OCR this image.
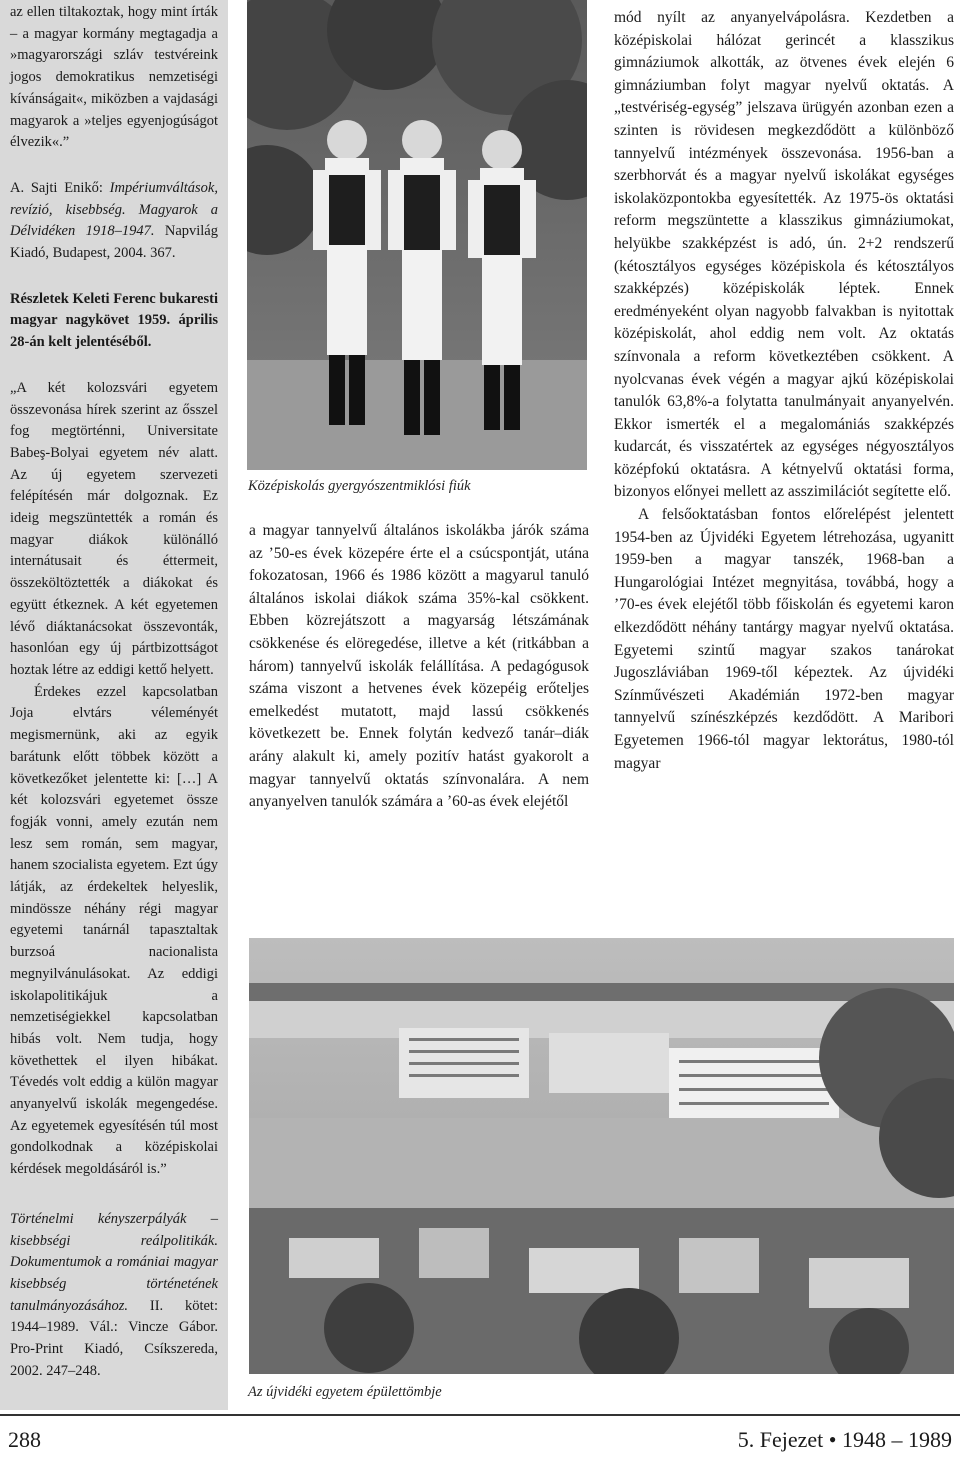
az ellen tiltakoztak, hogy mint írták – a magyar kormány megtagadja a »magyarországi szláv testvéreink jogos demokratikus nemzetiségi kívánságait«, miközben a vajdasági magyarok a »teljes egyenjogúságot élvezik«.”

A. Sajti Enikő: Impériumváltások, revízió, kisebbség. Magyarok a Délvidéken 1918–1947. Napvilág Kiadó, Budapest, 2004. 367.

Részletek Keleti Ferenc bukaresti magyar nagykövet 1959. április 28-án kelt jelentéséből.

„A két kolozsvári egyetem összevonása hírek szerint az ősszel fog megtörténni, Universitate Babeş-Bolyai egyetem név alatt. Az új egyetem szervezeti felépítésén már dolgoznak. Ez ideig megszüntették a román és magyar diákok különálló internátusait és éttermeit, összeköltöztették a diákokat és együtt étkeznek. A két egyetemen lévő diáktanácsokat összevonták, hasonlóan egy új pártbizottságot hoztak létre az eddigi kettő helyett.

Érdekes ezzel kapcsolatban Joja elvtárs véleményét megismernünk, aki az egyik barátunk előtt többek között a következőket jelentette ki: […] A két kolozsvári egyetemet össze fogják vonni, amely ezután nem lesz sem román, sem magyar, hanem szocialista egyetem. Ezt úgy látják, az érdekeltek helyeslik, mindössze néhány régi magyar egyetemi tanárnál tapasztaltak burzsoá nacionalista megnyilvánulásokat. Az eddigi iskolapolitikájuk a nemzetiségiekkel kapcsolatban hibás volt. Nem tudja, hogy követhettek el ilyen hibákat. Tévedés volt eddig a külön magyar anyanyelvű iskolák megengedése. Az egyetemek egyesítésén túl most gondolkodnak a középiskolai kérdések megoldásáról is.”

Történelmi kényszerpályák – kisebbségi reálpolitikák. Dokumentumok a romániai magyar kisebbség történetének tanulmányozásához. II. kötet: 1944–1989. Vál.: Vincze Gábor. Pro-Print Kiadó, Csíkszereda, 2002. 247–248.

Középiskolás gyergyószentmiklósi fiúk

a magyar tannyelvű általános iskolákba járók száma az ’50-es évek közepére érte el a csúcspontját, utána fokozatosan, 1966 és 1986 között a magyarul tanuló általános iskolai diákok száma 35%-kal csökkent. Ebben közrejátszott a magyarság létszámának csökkenése és elöregedése, illetve a két (ritkábban a három) tannyelvű iskolák felállítása. A pedagógusok száma viszont a hetvenes évek közepéig erőteljes emelkedést mutatott, majd lassú csökkenés következett be. Ennek folytán kedvező tanár–diák arány alakult ki, amely pozitív hatást gyakorolt a magyar tannyelvű oktatás színvonalára. A nem anyanyelven tanulók számára a ’60-as évek elejétől

mód nyílt az anyanyelvápolásra. Kezdetben a középiskolai hálózat gerincét a klasszikus gimnáziumok alkották, az ötvenes évek elején 6 gimnáziumban folyt magyar nyelvű oktatás. A „testvériség-egység” jelszava ürügyén azonban ezen a szinten is rövidesen megkezdődött a különböző tannyelvű intézmények összevonása. 1956-ban a szerbhorvát és a magyar nyelvű iskolákat egységes iskolaközpontokba egyesítették. Az 1975-ös oktatási reform megszüntette a klasszikus gimnáziumokat, helyükbe szakképzést is adó, ún. 2+2 rendszerű (kétosztályos egységes középiskola és kétosztályos szakképzés) középiskolák léptek. Ennek eredményeként olyan nagyobb falvakban is nyitottak középiskolát, ahol eddig nem volt. Az oktatás színvonala a reform következtében csökkent. A nyolcvanas évek végén a magyar ajkú középiskolai tanulók 63,8%-a folytatta tanulmányait anyanyelvén. Ekkor ismerték el a megalomániás szakképzés kudarcát, és visszatértek az egységes négyosztályos középfokú oktatásra. A kétnyelvű oktatási forma, bizonyos előnyei mellett az asszimilációt segítette elő.

A felsőoktatásban fontos előrelépést jelentett 1954-ben az Újvidéki Egyetem létrehozása, ugyanitt 1959-ben a magyar tanszék, 1968-ban a Hungarológiai Intézet megnyitása, továbbá, hogy a ’70-es évek elejétől több főiskolán és egyetemi karon elkezdődött néhány tantárgy magyar nyelvű oktatása. Egyetemi szintű magyar szakos tanárokat Jugoszláviában 1969-től képeztek. Az újvidéki Színművészeti Akadémián 1972-ben magyar tannyelvű színészképzés kezdődött. A Maribori Egyetemen 1966-tól magyar lektorátus, 1980-tól magyar

Az újvidéki egyetem épülettömbje
288	5. Fejezet • 1948 – 1989
